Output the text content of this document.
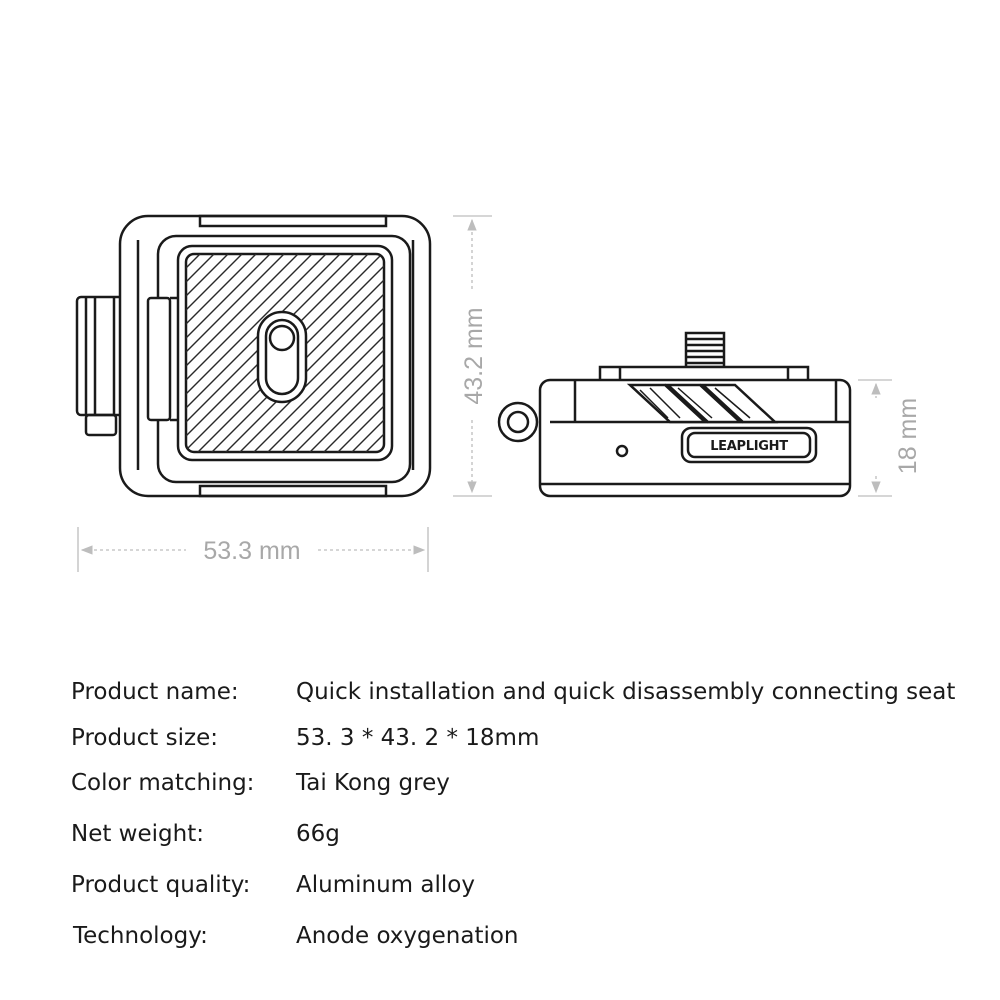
LEAPLIGHT
53.3 mm
43.2 mm
18 mm
Product name: Quick installation and quick disassembly connecting seat
Product size:	53. 3 * 43. 2 * 18mm
Color matching: Tai Kong grey
Net weight:	66g
Product quality: Aluminum alloy
Technology:	Anode oxygenation
